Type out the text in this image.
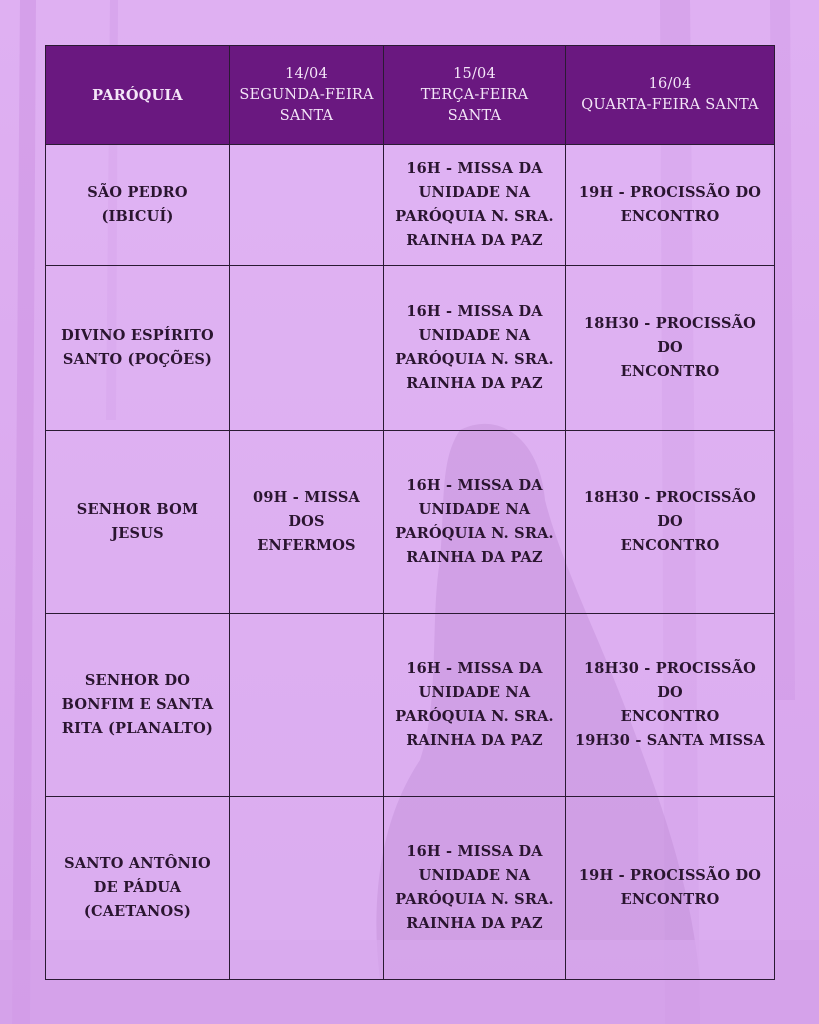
PARÓQUIA	14/04
SEGUNDA-FEIRA
SANTA	15/04
TERÇA-FEIRA
SANTA	16/04
QUARTA-FEIRA SANTA

SÃO PEDRO (IBICUÍ)		16H - MISSA DA
UNIDADE NA
PARÓQUIA N. SRA.
RAINHA DA PAZ	19H - PROCISSÃO DO
ENCONTRO

DIVINO ESPÍRITO
SANTO (POÇÕES)		16H - MISSA DA
UNIDADE NA
PARÓQUIA N. SRA.
RAINHA DA PAZ	18H30 - PROCISSÃO DO
ENCONTRO

SENHOR BOM JESUS	09H - MISSA DOS
ENFERMOS	16H - MISSA DA
UNIDADE NA
PARÓQUIA N. SRA.
RAINHA DA PAZ	18H30 - PROCISSÃO DO
ENCONTRO

SENHOR DO
BONFIM E SANTA
RITA (PLANALTO)		16H - MISSA DA
UNIDADE NA
PARÓQUIA N. SRA.
RAINHA DA PAZ	18H30 - PROCISSÃO DO
ENCONTRO
19H30 - SANTA MISSA

SANTO ANTÔNIO
DE PÁDUA
(CAETANOS)		16H - MISSA DA
UNIDADE NA
PARÓQUIA N. SRA.
RAINHA DA PAZ	19H - PROCISSÃO DO
ENCONTRO
